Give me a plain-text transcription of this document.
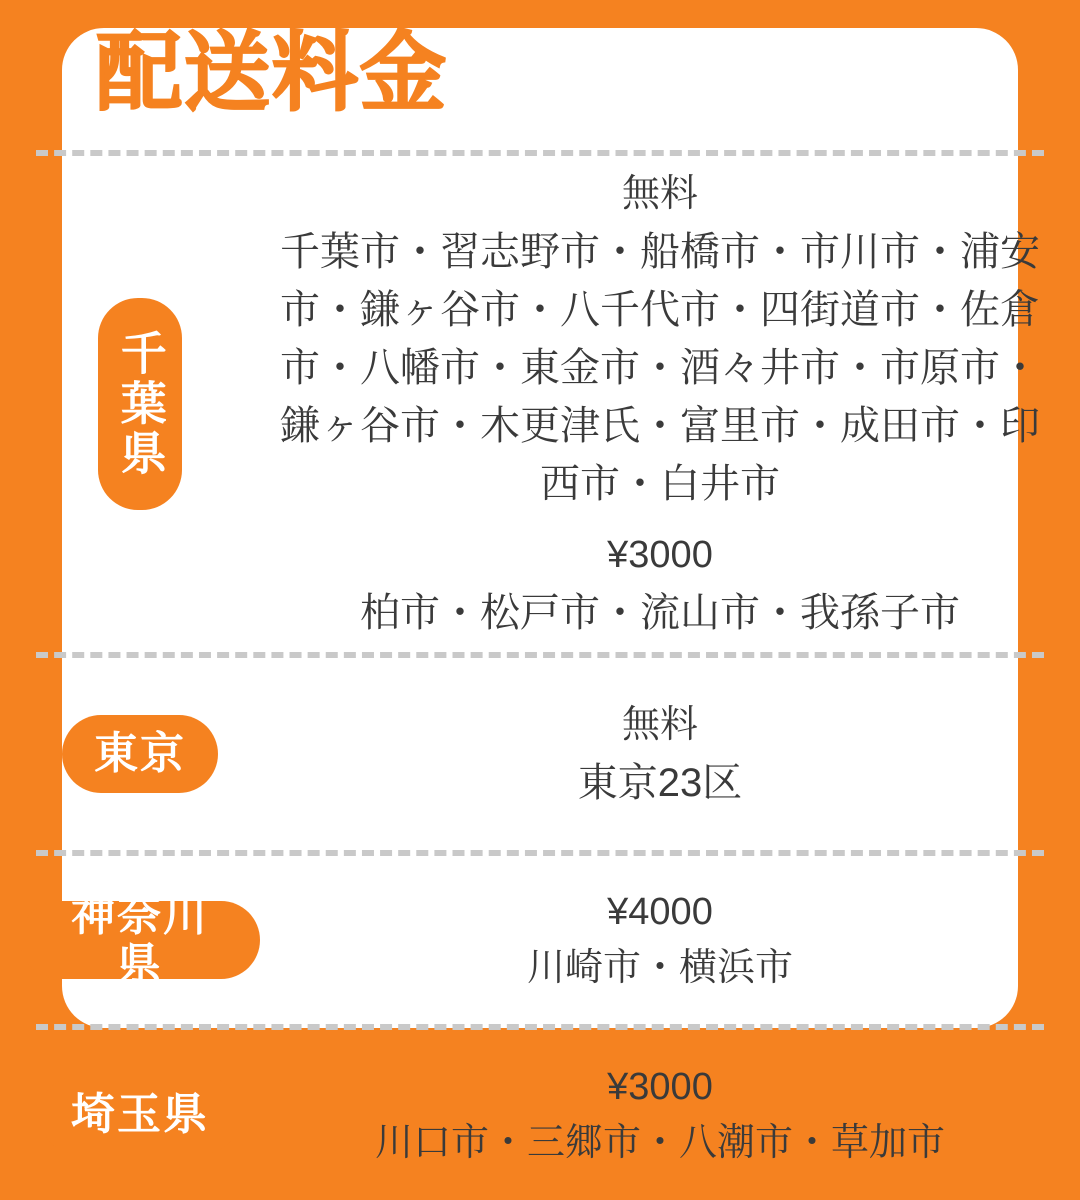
配送料金
千葉県
無料
千葉市・習志野市・船橋市・市川市・浦安市・鎌ヶ谷市・八千代市・四街道市・佐倉市・八幡市・東金市・酒々井市・市原市・鎌ヶ谷市・木更津氏・富里市・成田市・印西市・白井市
¥3000
柏市・松戸市・流山市・我孫子市
東京
無料
東京23区
神奈川県
¥4000
川崎市・横浜市
埼玉県
¥3000
川口市・三郷市・八潮市・草加市
